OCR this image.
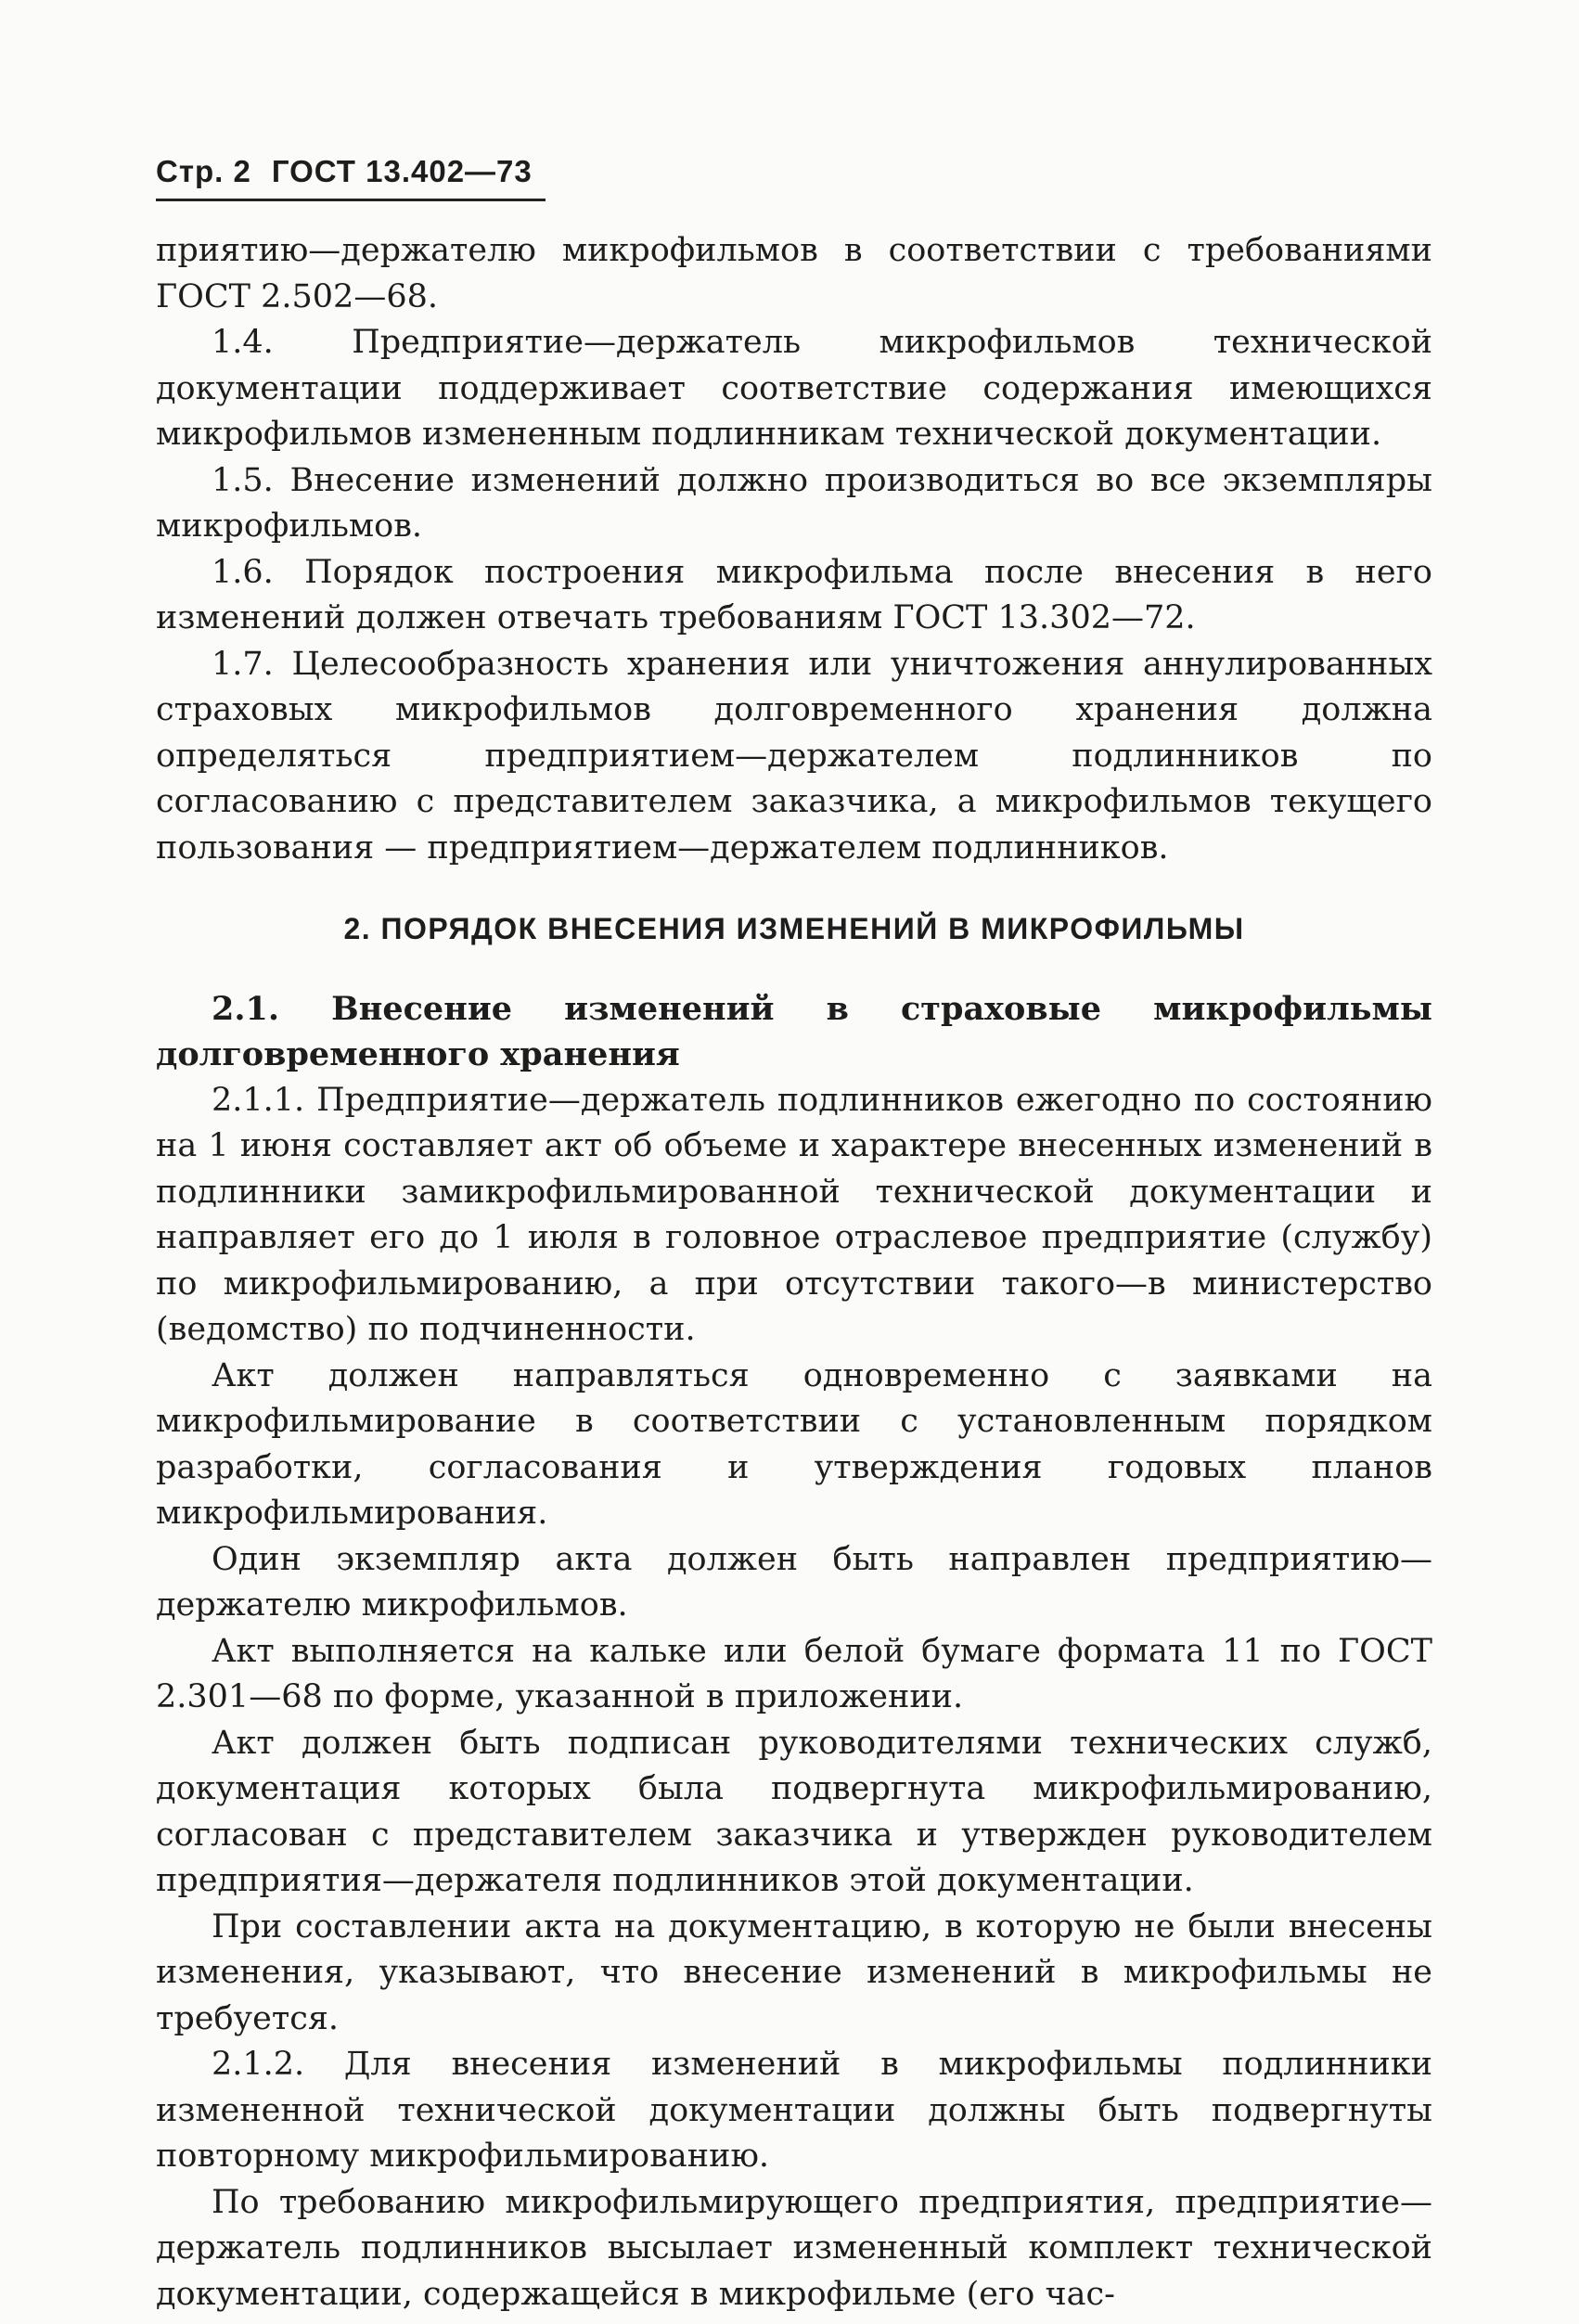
Стр. 2 ГОСТ 13.402—73

приятию—держателю микрофильмов в соответствии с требованиями ГОСТ 2.502—68.

1.4. Предприятие—держатель микрофильмов технической документации поддерживает соответствие содержания имеющихся микрофильмов измененным подлинникам технической документации.

1.5. Внесение изменений должно производиться во все экземпляры микрофильмов.

1.6. Порядок построения микрофильма после внесения в него изменений должен отвечать требованиям ГОСТ 13.302—72.

1.7. Целесообразность хранения или уничтожения аннулированных страховых микрофильмов долговременного хранения должна определяться предприятием—держателем подлинников по согласованию с представителем заказчика, а микрофильмов текущего пользования — предприятием—держателем подлинников.

2. ПОРЯДОК ВНЕСЕНИЯ ИЗМЕНЕНИЙ В МИКРОФИЛЬМЫ

2.1. Внесение изменений в страховые микрофильмы долговременного хранения

2.1.1. Предприятие—держатель подлинников ежегодно по состоянию на 1 июня составляет акт об объеме и характере внесенных изменений в подлинники замикрофильмированной технической документации и направляет его до 1 июля в головное отраслевое предприятие (службу) по микрофильмированию, а при отсутствии такого—в министерство (ведомство) по подчиненности.

Акт должен направляться одновременно с заявками на микрофильмирование в соответствии с установленным порядком разработки, согласования и утверждения годовых планов микрофильмирования.

Один экземпляр акта должен быть направлен предприятию—держателю микрофильмов.

Акт выполняется на кальке или белой бумаге формата 11 по ГОСТ 2.301—68 по форме, указанной в приложении.

Акт должен быть подписан руководителями технических служб, документация которых была подвергнута микрофильмированию, согласован с представителем заказчика и утвержден руководителем предприятия—держателя подлинников этой документации.

При составлении акта на документацию, в которую не были внесены изменения, указывают, что внесение изменений в микрофильмы не требуется.

2.1.2. Для внесения изменений в микрофильмы подлинники измененной технической документации должны быть подвергнуты повторному микрофильмированию.

По требованию микрофильмирующего предприятия, предприятие—держатель подлинников высылает измененный комплект технической документации, содержащейся в микрофильме (его час-
